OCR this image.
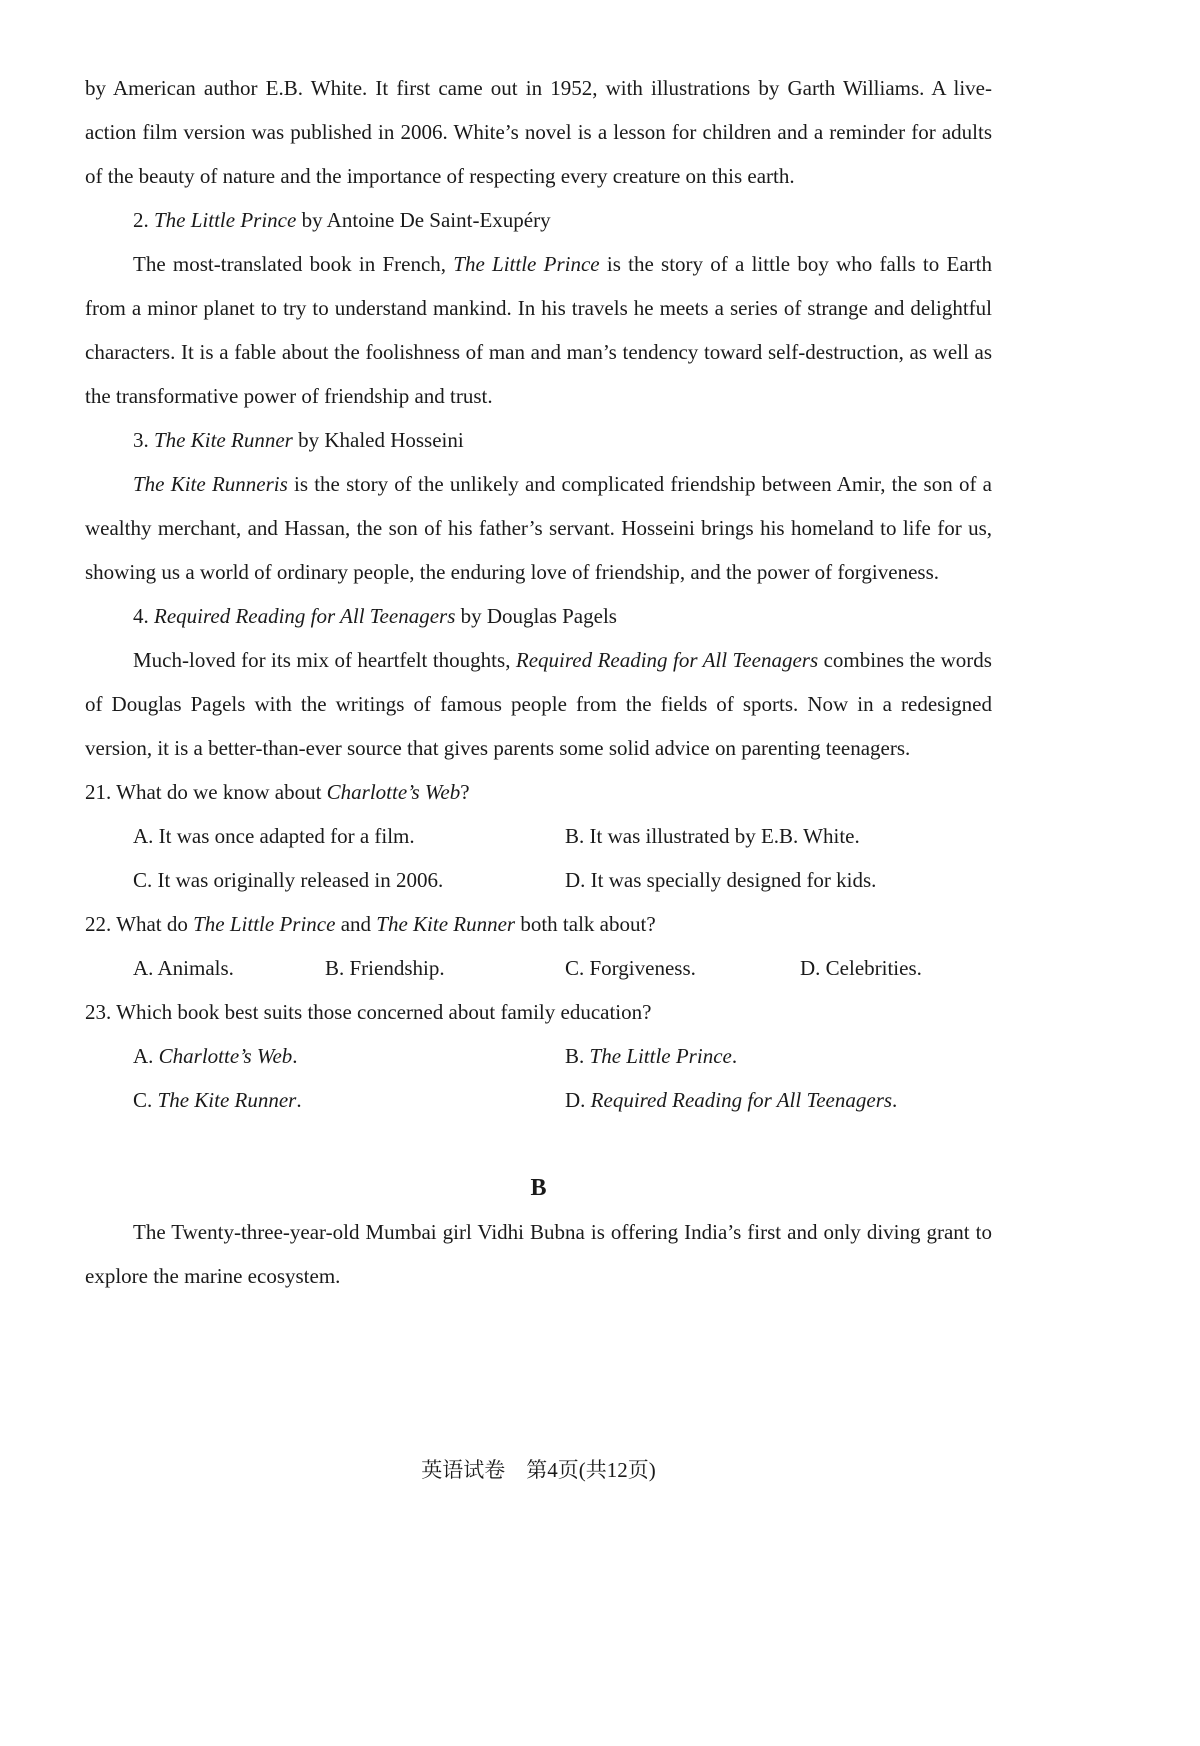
by American author E.B. White. It first came out in 1952, with illustrations by Garth Williams. A live-action film version was published in 2006. White’s novel is a lesson for children and a reminder for adults of the beauty of nature and the importance of respecting every creature on this earth.
2. The Little Prince by Antoine De Saint-Exupéry
The most-translated book in French, The Little Prince is the story of a little boy who falls to Earth from a minor planet to try to understand mankind. In his travels he meets a series of strange and delightful characters. It is a fable about the foolishness of man and man’s tendency toward self-destruction, as well as the transformative power of friendship and trust.
3. The Kite Runner by Khaled Hosseini
The Kite Runneris is the story of the unlikely and complicated friendship between Amir, the son of a wealthy merchant, and Hassan, the son of his father’s servant. Hosseini brings his homeland to life for us, showing us a world of ordinary people, the enduring love of friendship, and the power of forgiveness.
4. Required Reading for All Teenagers by Douglas Pagels
Much-loved for its mix of heartfelt thoughts, Required Reading for All Teenagers combines the words of Douglas Pagels with the writings of famous people from the fields of sports. Now in a redesigned version, it is a better-than-ever source that gives parents some solid advice on parenting teenagers.
21. What do we know about Charlotte’s Web?
A. It was once adapted for a film.	B. It was illustrated by E.B. White.
C. It was originally released in 2006.	D. It was specially designed for kids.
22. What do The Little Prince and The Kite Runner both talk about?
A. Animals.	B. Friendship.	C. Forgiveness.	D. Celebrities.
23. Which book best suits those concerned about family education?
A. Charlotte’s Web.	B. The Little Prince.
C. The Kite Runner.	D. Required Reading for All Teenagers.
B
The Twenty-three-year-old Mumbai girl Vidhi Bubna is offering India’s first and only diving grant to explore the marine ecosystem.
英语试卷　第4页(共12页)
